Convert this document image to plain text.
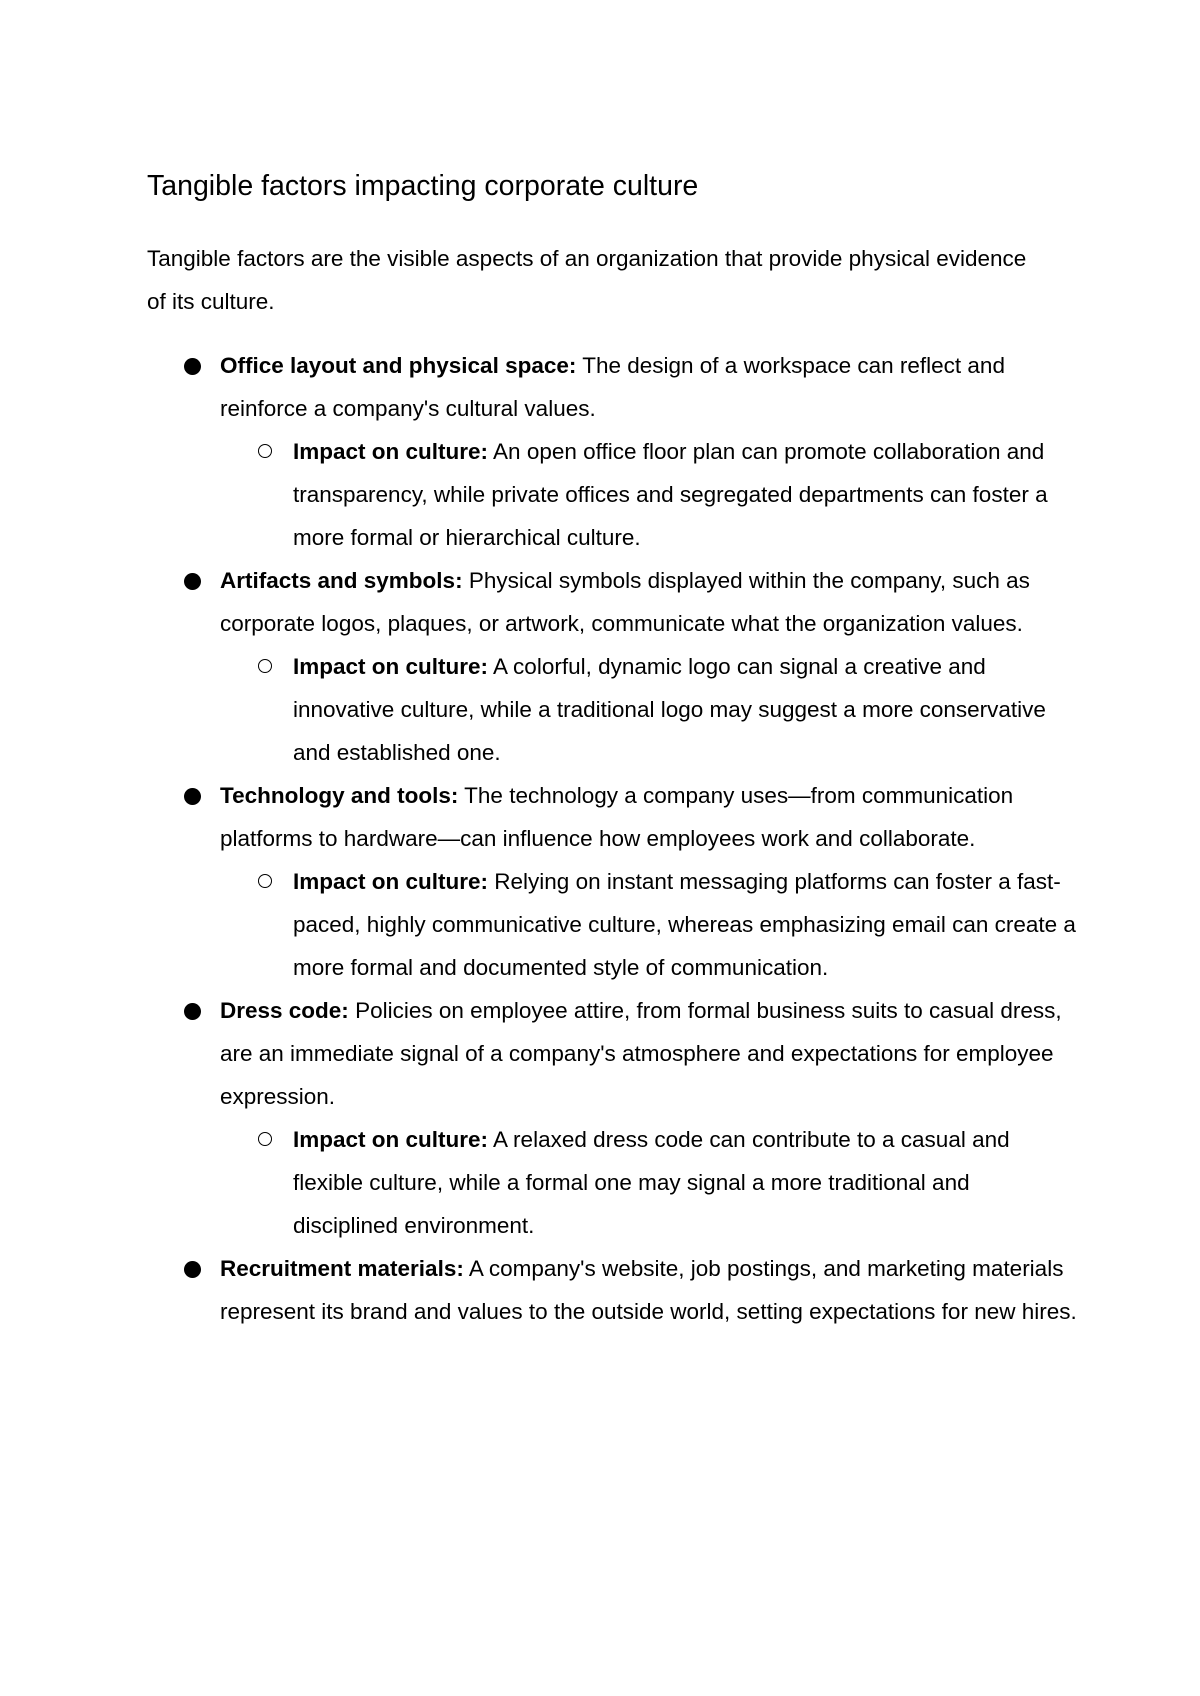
Tangible factors impacting corporate culture

Tangible factors are the visible aspects of an organization that provide physical evidence of its culture.

Office layout and physical space: The design of a workspace can reflect and reinforce a company's cultural values.
Impact on culture: An open office floor plan can promote collaboration and transparency, while private offices and segregated departments can foster a more formal or hierarchical culture.
Artifacts and symbols: Physical symbols displayed within the company, such as corporate logos, plaques, or artwork, communicate what the organization values.
Impact on culture: A colorful, dynamic logo can signal a creative and innovative culture, while a traditional logo may suggest a more conservative and established one.
Technology and tools: The technology a company uses—from communication platforms to hardware—can influence how employees work and collaborate.
Impact on culture: Relying on instant messaging platforms can foster a fast-paced, highly communicative culture, whereas emphasizing email can create a more formal and documented style of communication.
Dress code: Policies on employee attire, from formal business suits to casual dress, are an immediate signal of a company's atmosphere and expectations for employee expression.
Impact on culture: A relaxed dress code can contribute to a casual and flexible culture, while a formal one may signal a more traditional and disciplined environment.
Recruitment materials: A company's website, job postings, and marketing materials represent its brand and values to the outside world, setting expectations for new hires.
